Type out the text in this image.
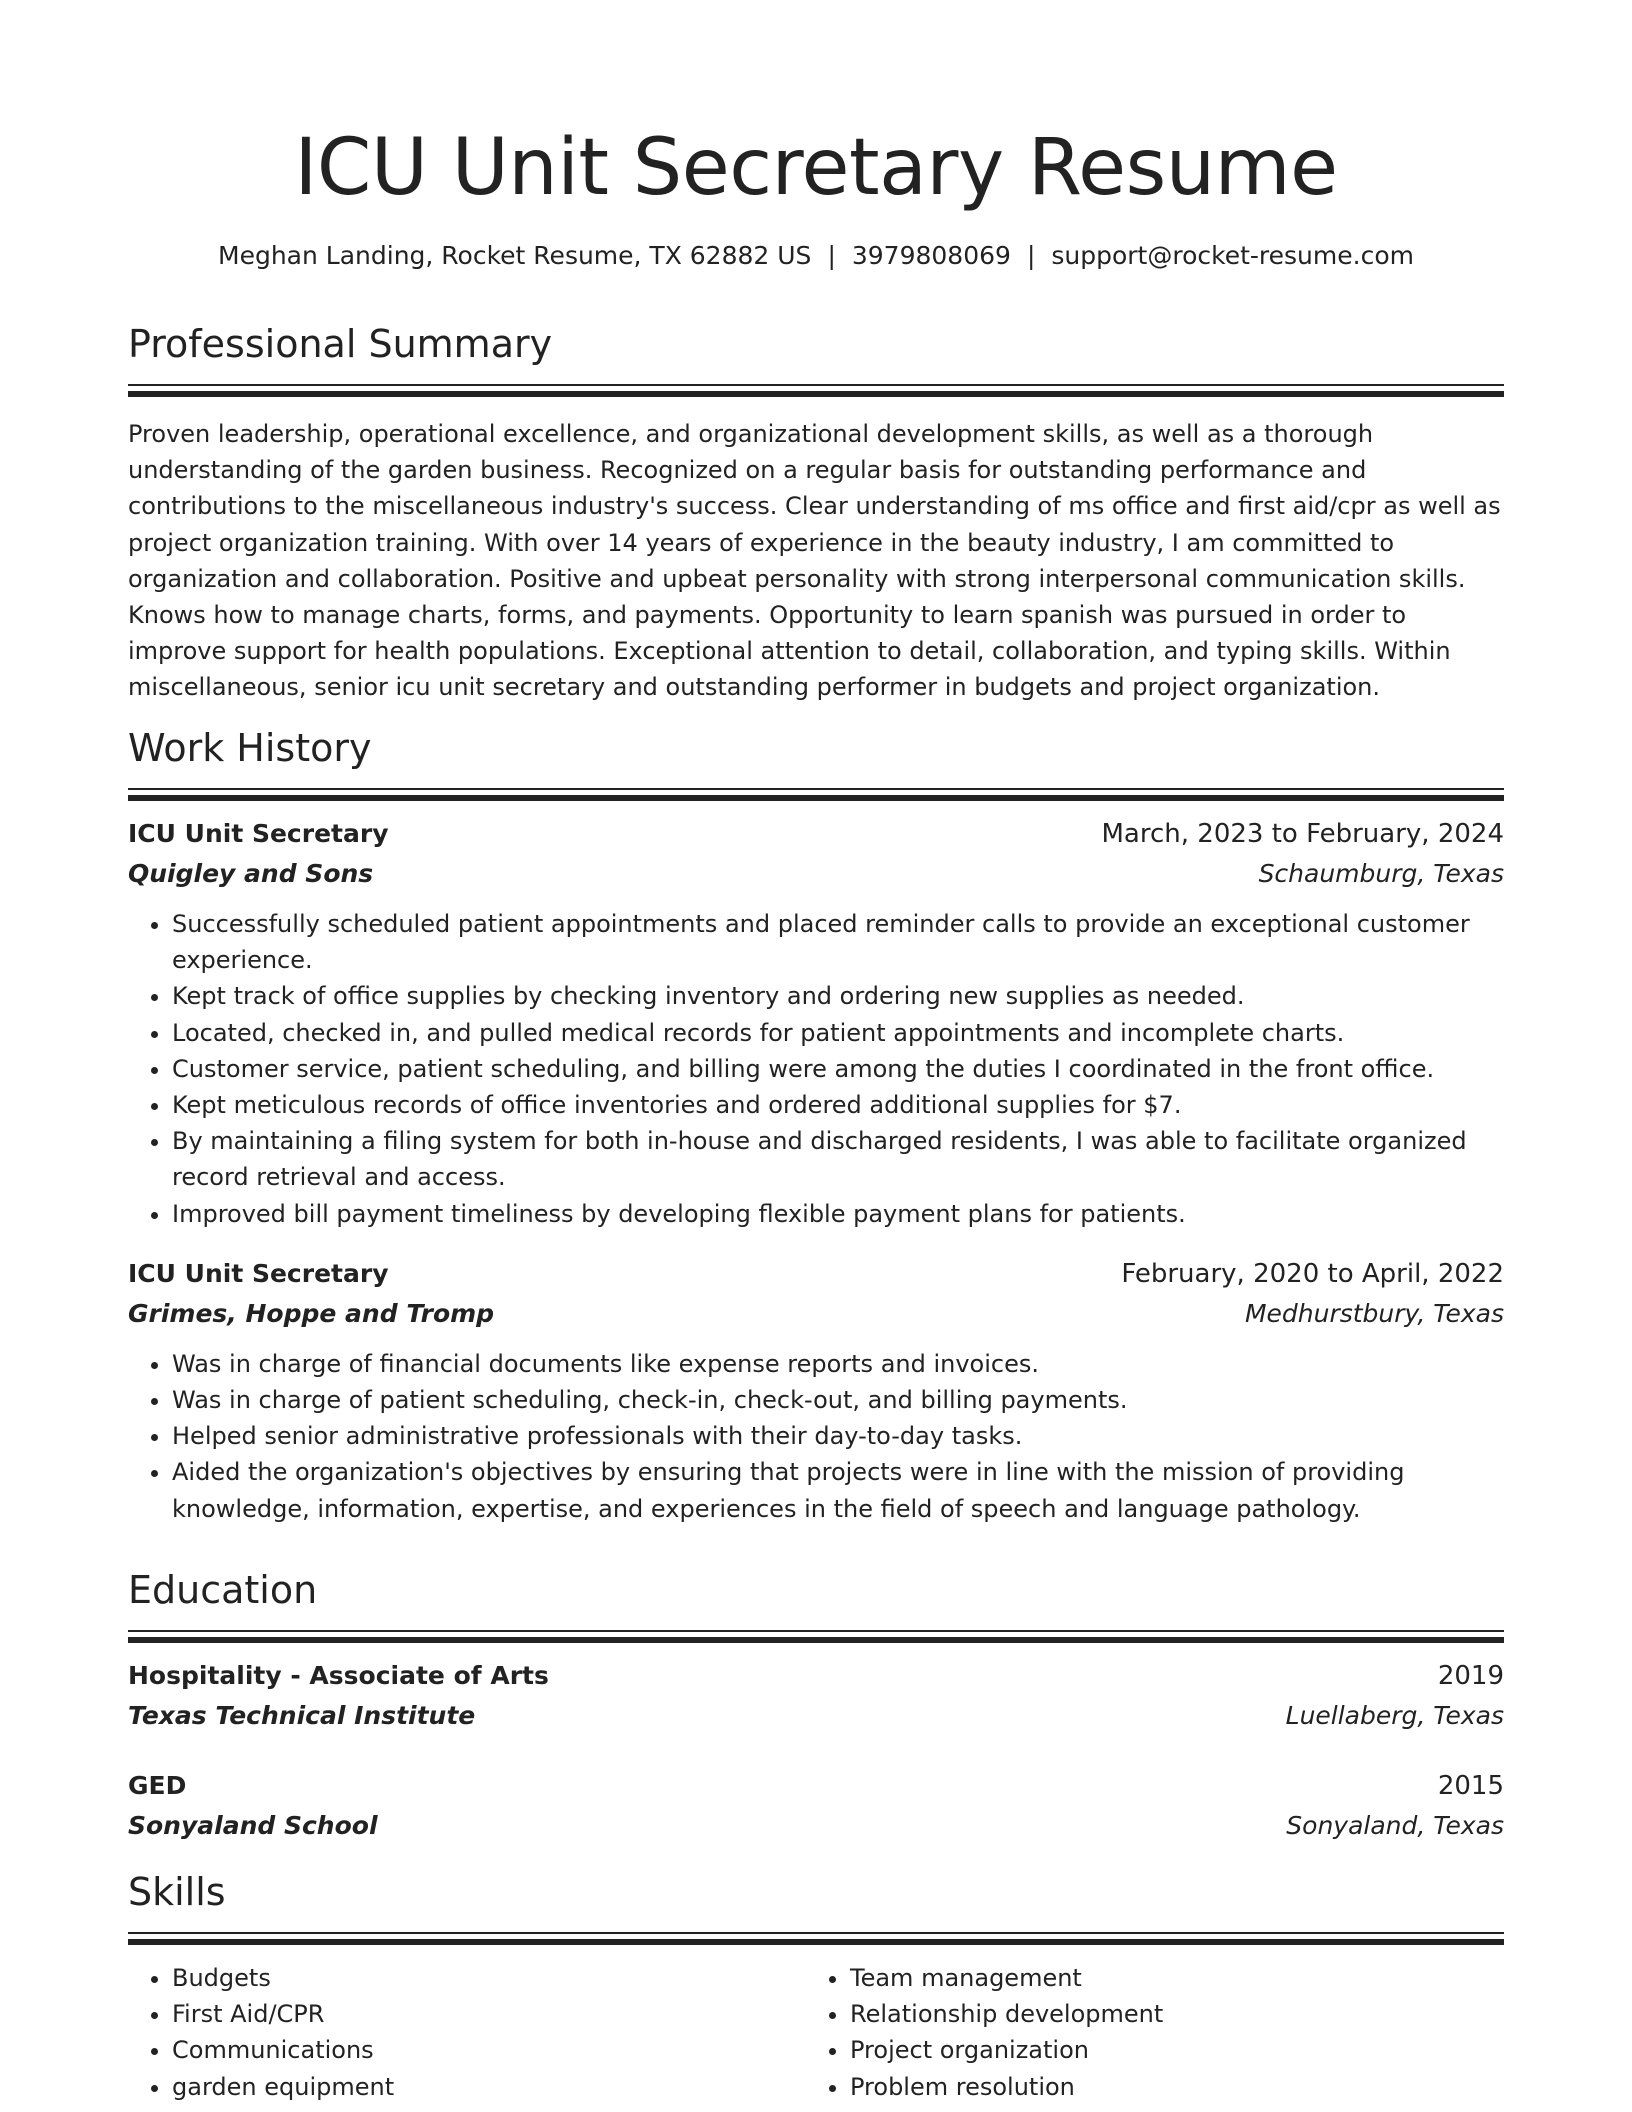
ICU Unit Secretary Resume
Meghan Landing, Rocket Resume, TX 62882 US | 3979808069 | support@rocket-resume.com
Professional Summary
Proven leadership, operational excellence, and organizational development skills, as well as a thorough understanding of the garden business. Recognized on a regular basis for outstanding performance and contributions to the miscellaneous industry's success. Clear understanding of ms office and first aid/cpr as well as project organization training. With over 14 years of experience in the beauty industry, I am committed to organization and collaboration. Positive and upbeat personality with strong interpersonal communication skills. Knows how to manage charts, forms, and payments. Opportunity to learn spanish was pursued in order to improve support for health populations. Exceptional attention to detail, collaboration, and typing skills. Within miscellaneous, senior icu unit secretary and outstanding performer in budgets and project organization.
Work History
ICU Unit Secretary	March, 2023 to February, 2024
Quigley and Sons	Schaumburg, Texas
• Successfully scheduled patient appointments and placed reminder calls to provide an exceptional customer experience.
• Kept track of office supplies by checking inventory and ordering new supplies as needed.
• Located, checked in, and pulled medical records for patient appointments and incomplete charts.
• Customer service, patient scheduling, and billing were among the duties I coordinated in the front office.
• Kept meticulous records of office inventories and ordered additional supplies for $7.
• By maintaining a filing system for both in-house and discharged residents, I was able to facilitate organized record retrieval and access.
• Improved bill payment timeliness by developing flexible payment plans for patients.
ICU Unit Secretary	February, 2020 to April, 2022
Grimes, Hoppe and Tromp	Medhurstbury, Texas
• Was in charge of financial documents like expense reports and invoices.
• Was in charge of patient scheduling, check-in, check-out, and billing payments.
• Helped senior administrative professionals with their day-to-day tasks.
• Aided the organization's objectives by ensuring that projects were in line with the mission of providing knowledge, information, expertise, and experiences in the field of speech and language pathology.
Education
Hospitality - Associate of Arts	2019
Texas Technical Institute	Luellaberg, Texas
GED	2015
Sonyaland School	Sonyaland, Texas
Skills
• Budgets
• First Aid/CPR
• Communications
• garden equipment
• Team management
• Relationship development
• Project organization
• Problem resolution
